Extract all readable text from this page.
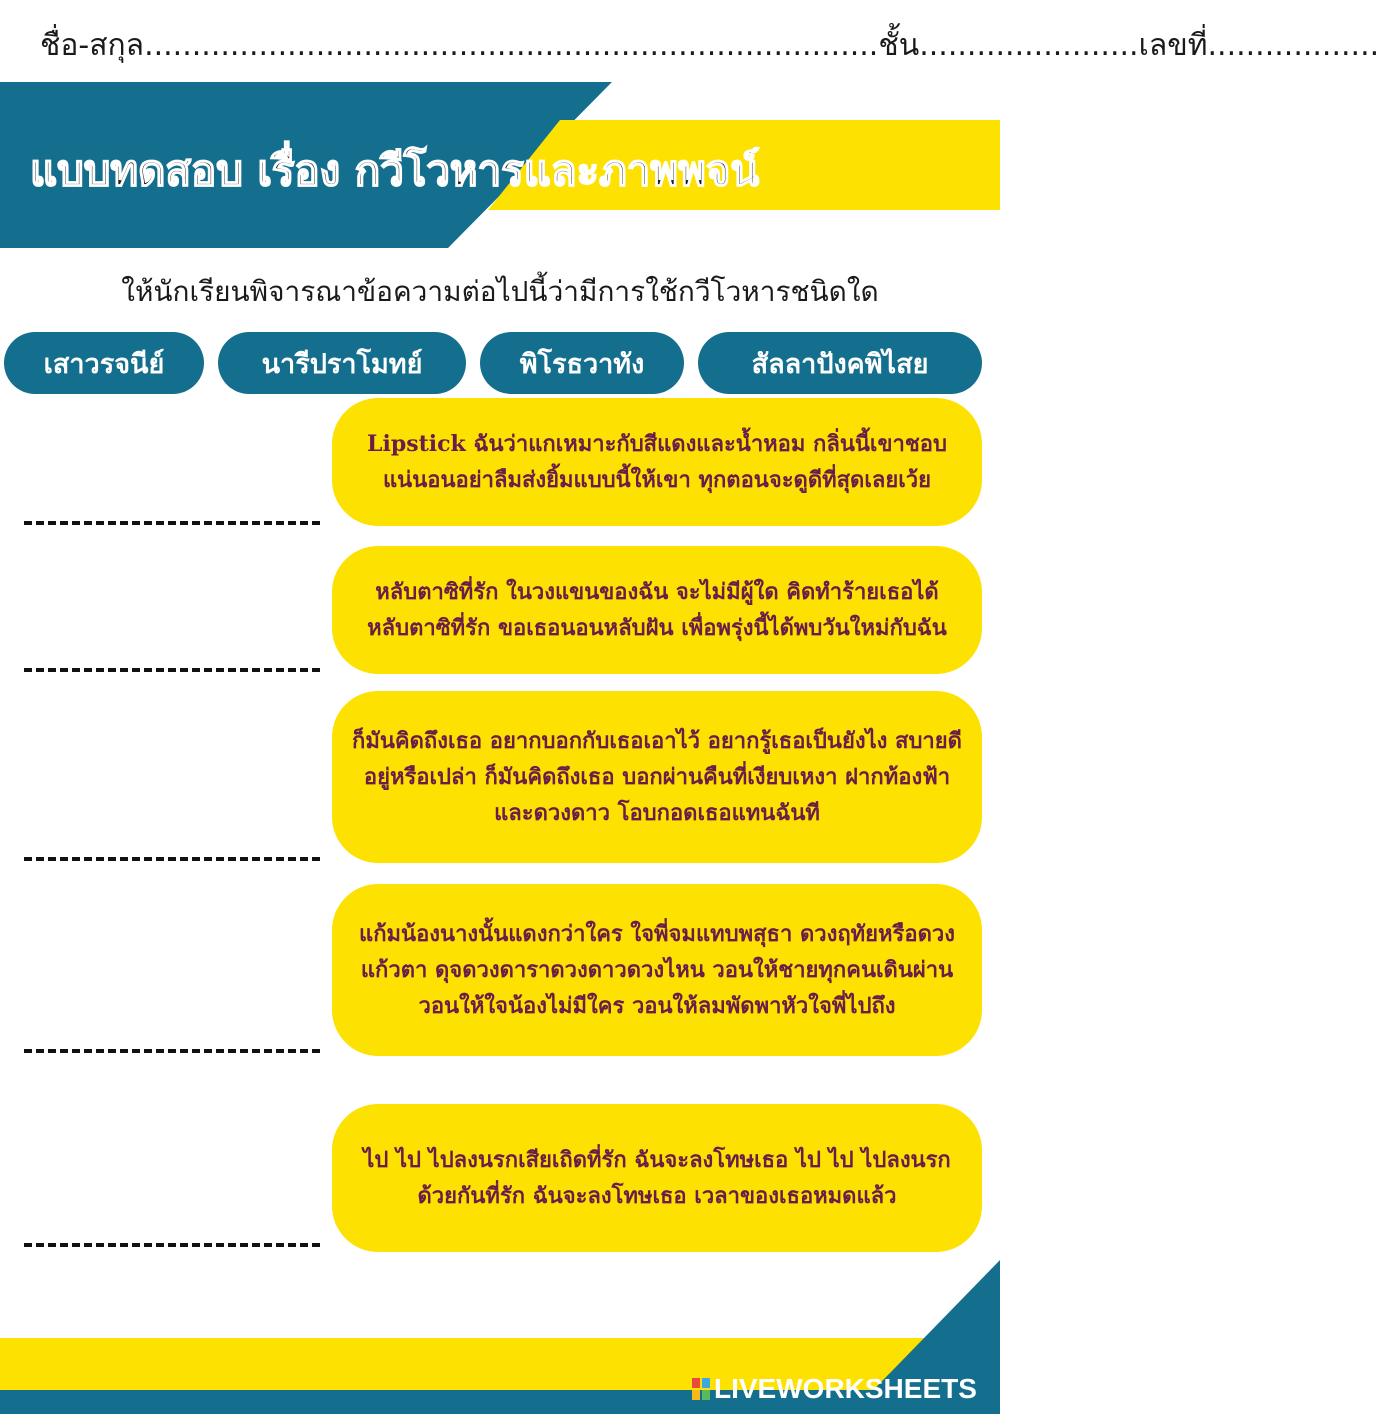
ชื่อ-สกุล.............................................................................ชั้น.......................เลขที่..................
แบบทดสอบ เรื่อง กวีโวหารและภาพพจน์
ให้นักเรียนพิจารณาข้อความต่อไปนี้ว่ามีการใช้กวีโวหารชนิดใด
เสาวรจนีย์	นารีปราโมทย์	พิโรธวาทัง	สัลลาปังคพิไสย
Lipstick ฉันว่าแกเหมาะกับสีแดงและน้ำหอม กลิ่นนี้เขาชอบแน่นอนอย่าลืมส่งยิ้มแบบนี้ให้เขา ทุกตอนจะดูดีที่สุดเลยเว้ย
หลับตาซิที่รัก ในวงแขนของฉัน จะไม่มีผู้ใด คิดทำร้ายเธอได้ หลับตาซิที่รัก ขอเธอนอนหลับฝัน เพื่อพรุ่งนี้ได้พบวันใหม่กับฉัน
ก็มันคิดถึงเธอ อยากบอกกับเธอเอาไว้ อยากรู้เธอเป็นยังไง สบายดีอยู่หรือเปล่า ก็มันคิดถึงเธอ บอกผ่านคืนที่เงียบเหงา ฝากท้องฟ้าและดวงดาว โอบกอดเธอแทนฉันที
แก้มน้องนางนั้นแดงกว่าใคร ใจพี่จมแทบพสุธา ดวงฤทัยหรือดวงแก้วตา ดุจดวงดาราดวงดาวดวงไหน วอนให้ชายทุกคนเดินผ่าน วอนให้ใจน้องไม่มีใคร วอนให้ลมพัดพาหัวใจพี่ไปถึง
ไป ไป ไปลงนรกเสียเถิดที่รัก ฉันจะลงโทษเธอ ไป ไป ไปลงนรกด้วยกันที่รัก ฉันจะลงโทษเธอ เวลาของเธอหมดแล้ว
LIVEWORKSHEETS
